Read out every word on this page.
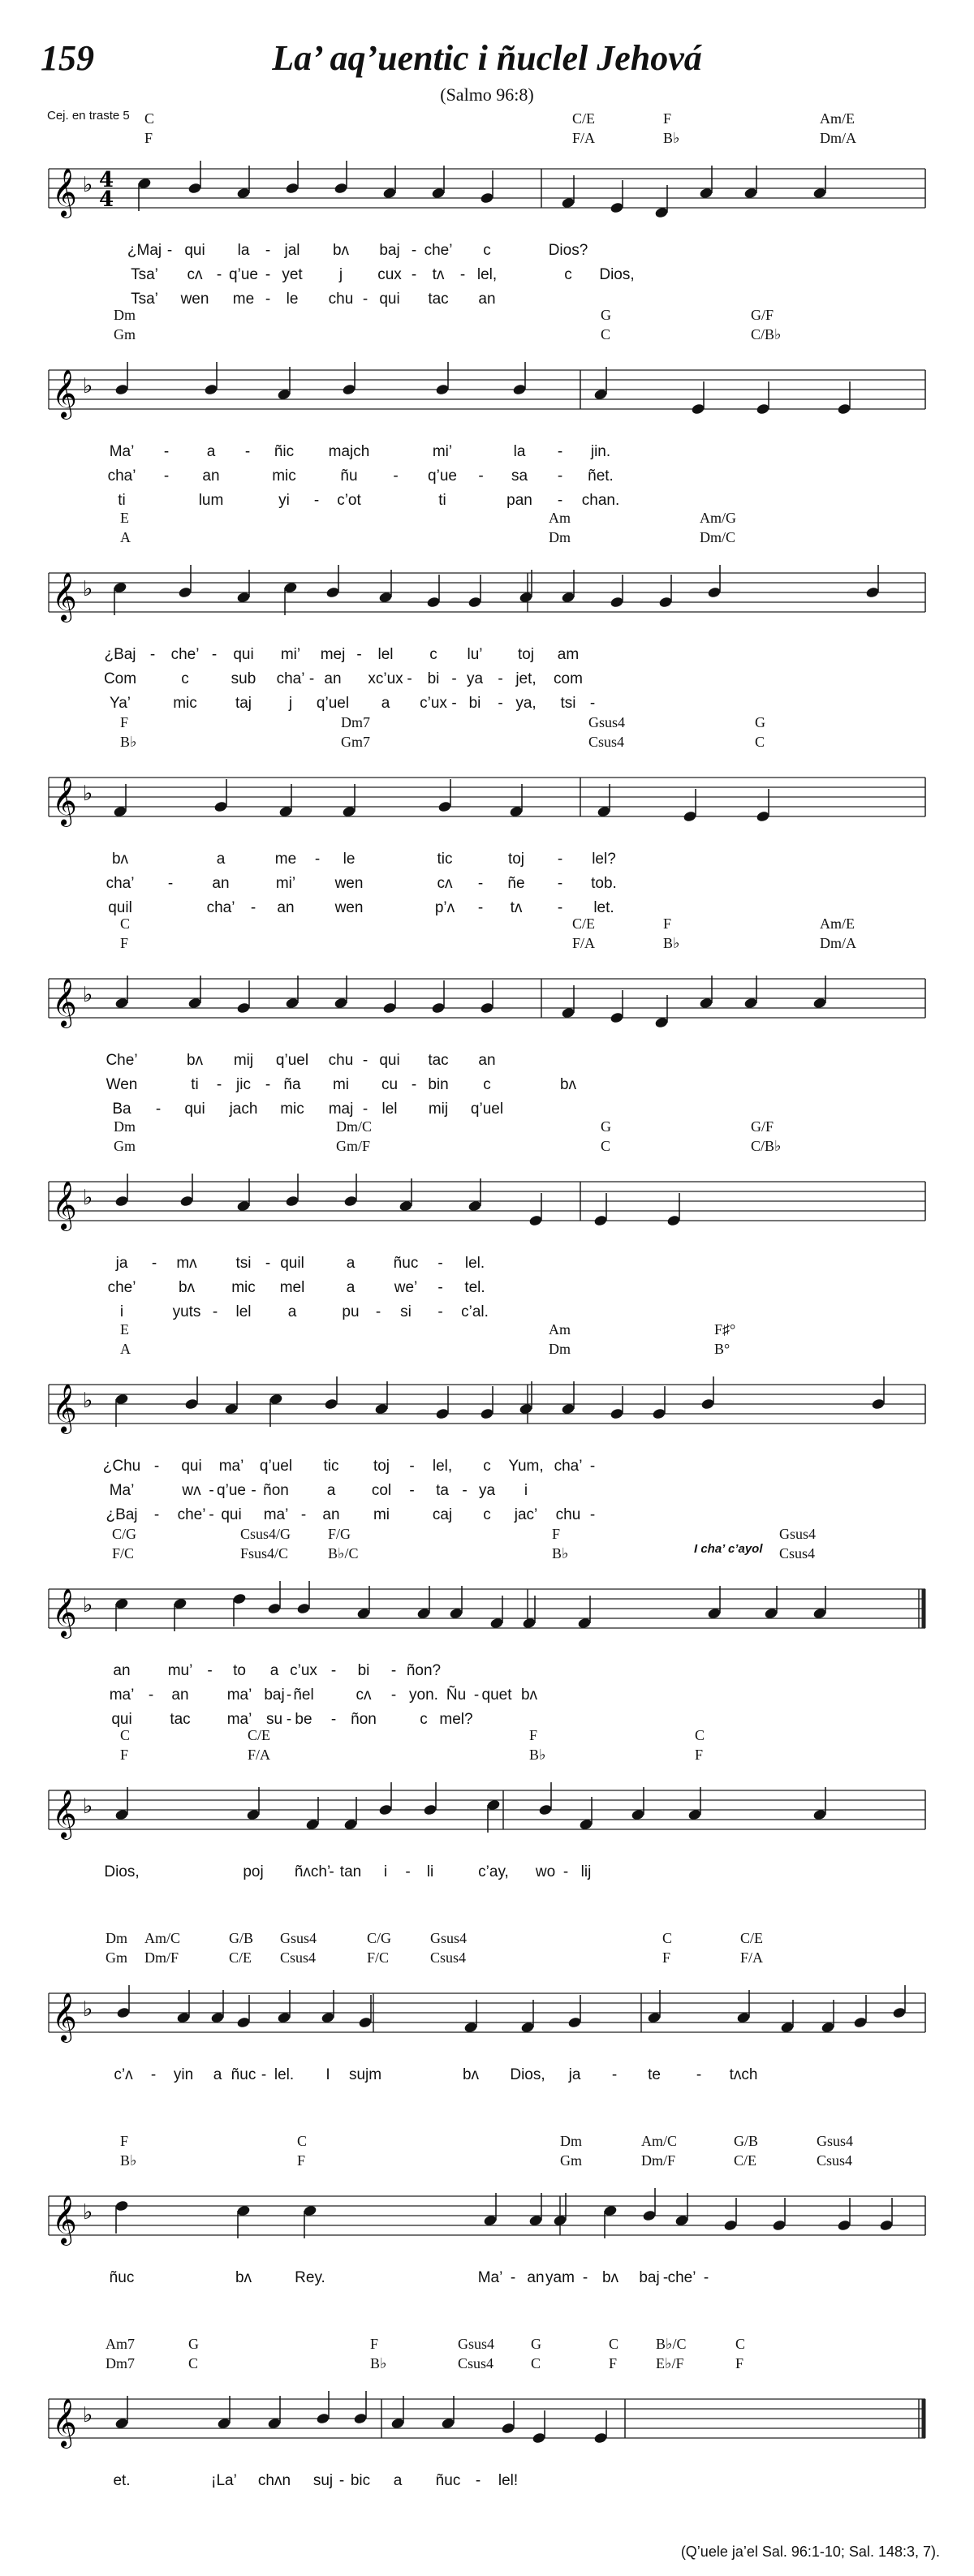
159	La’ aq’uentic i ñuclel Jehová
(Salmo 96:8)
Cej. en traste 5 C	C/E	F	Am/E
F	F/A	B♭	Dm/A
𝄞 ♭ 4
4
¿Maj - qui la - jal bʌ baj - che’ c	Dios?
Tsa’ cʌ - q’ue - yet j cux - tʌ - lel,	c Dios,
Tsa’ wen me - le chu - qui tac an
Dm	G	G/F
Gm	C	C/B♭
𝄞 ♭
Ma’ - a - ñic majch	mi’	la - jin.
cha’ - an	mic	ñu - q’ue - sa - ñet.
ti	lum	yi - c’ot	ti	pan - chan.
E	Am	Am/G
A	Dm	Dm/C
𝄞 ♭
¿Baj - che’ - qui mi’ mej - lel c lu’ toj am
Com	c	sub cha’ - an xc’ux - bi - ya - jet, com
Ya’	mic taj j q’uel a c’ux - bi - ya, tsi -
F	Dm7	Gsus4	G
B♭	Gm7	Csus4	C
𝄞 ♭
bʌ	a	me - le	tic	toj - lel?
cha’ -	an	mi’	wen	cʌ - ñe - tob.
quil	cha’ - an	wen	p’ʌ - tʌ - let.
C	C/E	F	Am/E
F	F/A	B♭	Dm/A
𝄞 ♭
Che’	bʌ mij q’uel chu - qui tac an
Wen	ti - jic - ña mi cu - bin c	bʌ
Ba - qui jach mic maj - lel mij q’uel
Dm	Dm/C	G	G/F
Gm	Gm/F	C	C/B♭
𝄞 ♭
ja - mʌ	tsi - quil	a ñuc - lel.
che’	bʌ mic mel	a	we’ - tel.
i	yuts - lel a	pu - si - c’al.
E	Am	F♯°
A	Dm	B°
𝄞 ♭
¿Chu - qui ma’ q’uel tic toj - lel, c Yum, cha’ -
Ma’	wʌ - q’ue - ñon a col - ta - ya i
¿Baj - che’ - qui ma’ - an mi	caj c jac’ chu -
C/G	Csus4/G	F/G	F	Gsus4
F/C	Fsus4/C	B♭/C	B♭	Csus4
I cha’ c’ayol
𝄞 ♭
an mu’ - to a c’ux - bi - ñon?
ma’ - an ma’ baj - ñel	cʌ - yon. Ñu - quet bʌ
qui tac ma’ su - be - ñon	c mel?
C	C/E	F	C
F	F/A	B♭	F
𝄞 ♭
Dios,	poj ñʌch’
- tan i - li	c’ay, wo - lij
Dm Am/C	G/B Gsus4	C/G	Gsus4	C	C/E
Gm Dm/F	C/E Csus4	F/C	Csus4	F	F/A
𝄞 ♭
c’ʌ - yin a ñuc - lel. I sujm	bʌ Dios, ja - te - tʌch
F	C	Dm	Am/C	G/B	Gsus4
B♭	F	Gm	Dm/F	C/E	Csus4
𝄞 ♭
ñuc	bʌ	Rey.	Ma’ - an yam - bʌ baj - che’ -
Am7	G	F	Gsus4 G	C	B♭/C	C
Dm7	C	B♭	Csus4	C	F	E♭/F	F
𝄞 ♭
et.	¡La’ chʌn suj - bic a ñuc - lel!
(Q’uele ja’el Sal. 96:1-10; Sal. 148:3, 7).
